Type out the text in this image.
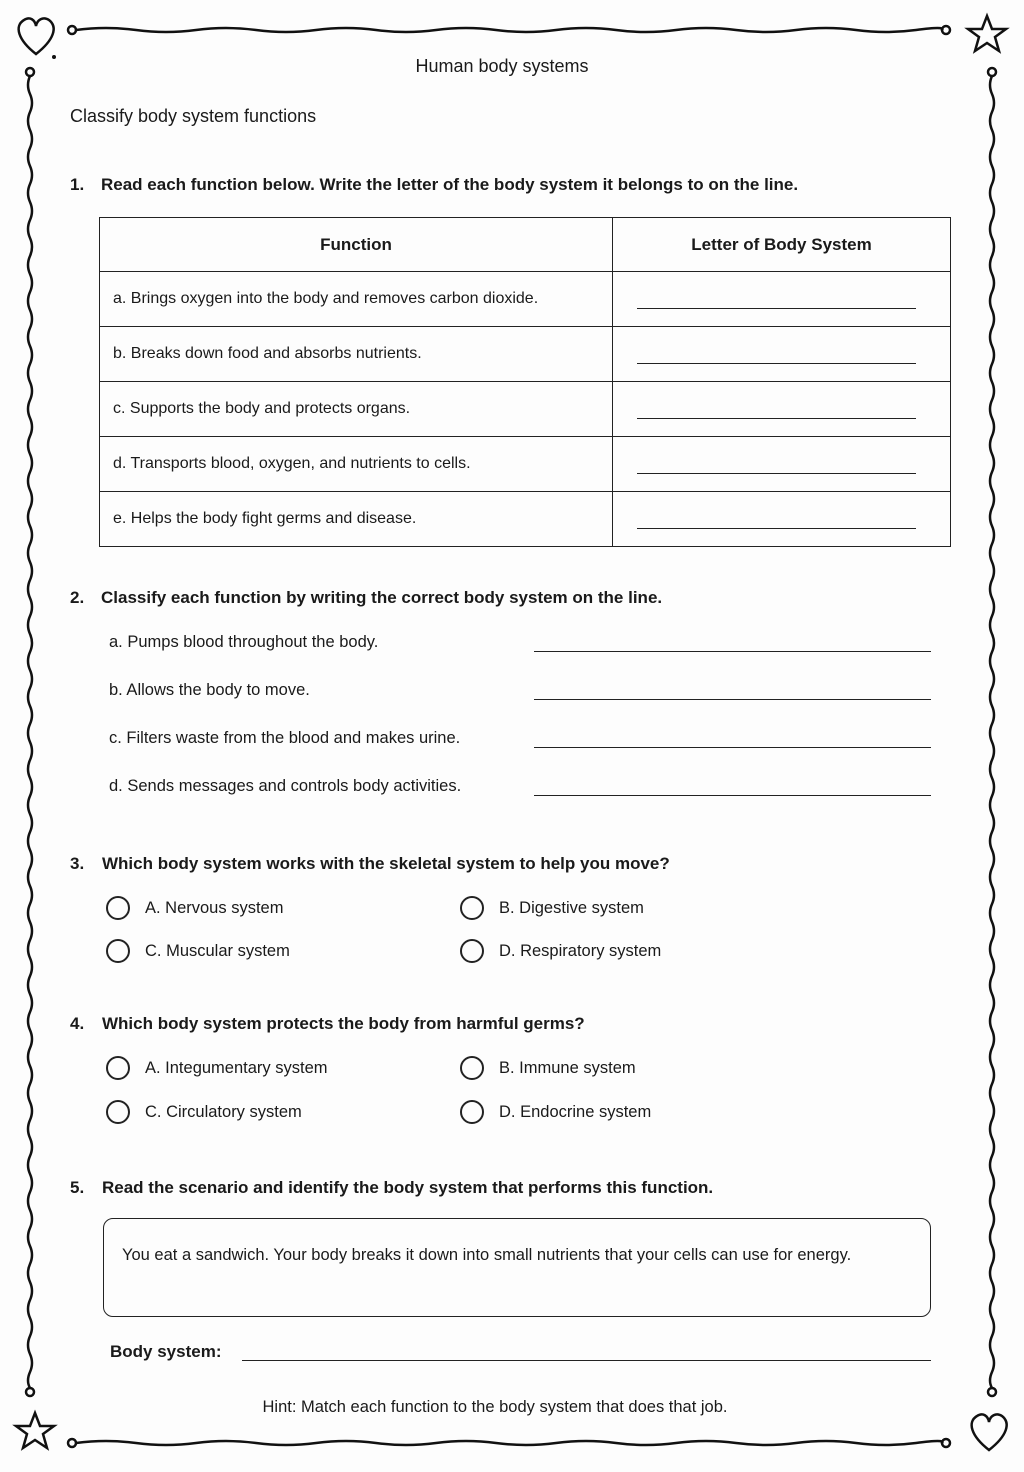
Human body systems
Classify body system functions
1. Read each function below. Write the letter of the body system it belongs to on the line.
Function	Letter of Body System
a. Brings oxygen into the body and removes carbon dioxide.	

b. Breaks down food and absorbs nutrients.	

c. Supports the body and protects organs.	

d. Transports blood, oxygen, and nutrients to cells.	

e. Helps the body fight germs and disease.	
2. Classify each function by writing the correct body system on the line.
a. Pumps blood throughout the body.
b. Allows the body to move.
c. Filters waste from the blood and makes urine.
d. Sends messages and controls body activities.
3. Which body system works with the skeletal system to help you move?
A. Nervous system	B. Digestive system
C. Muscular system	D. Respiratory system
4. Which body system protects the body from harmful germs?
A. Integumentary system	B. Immune system
C. Circulatory system	D. Endocrine system
5. Read the scenario and identify the body system that performs this function.
You eat a sandwich. Your body breaks it down into small nutrients that your cells can use for energy.
Body system:
Hint: Match each function to the body system that does that job.
